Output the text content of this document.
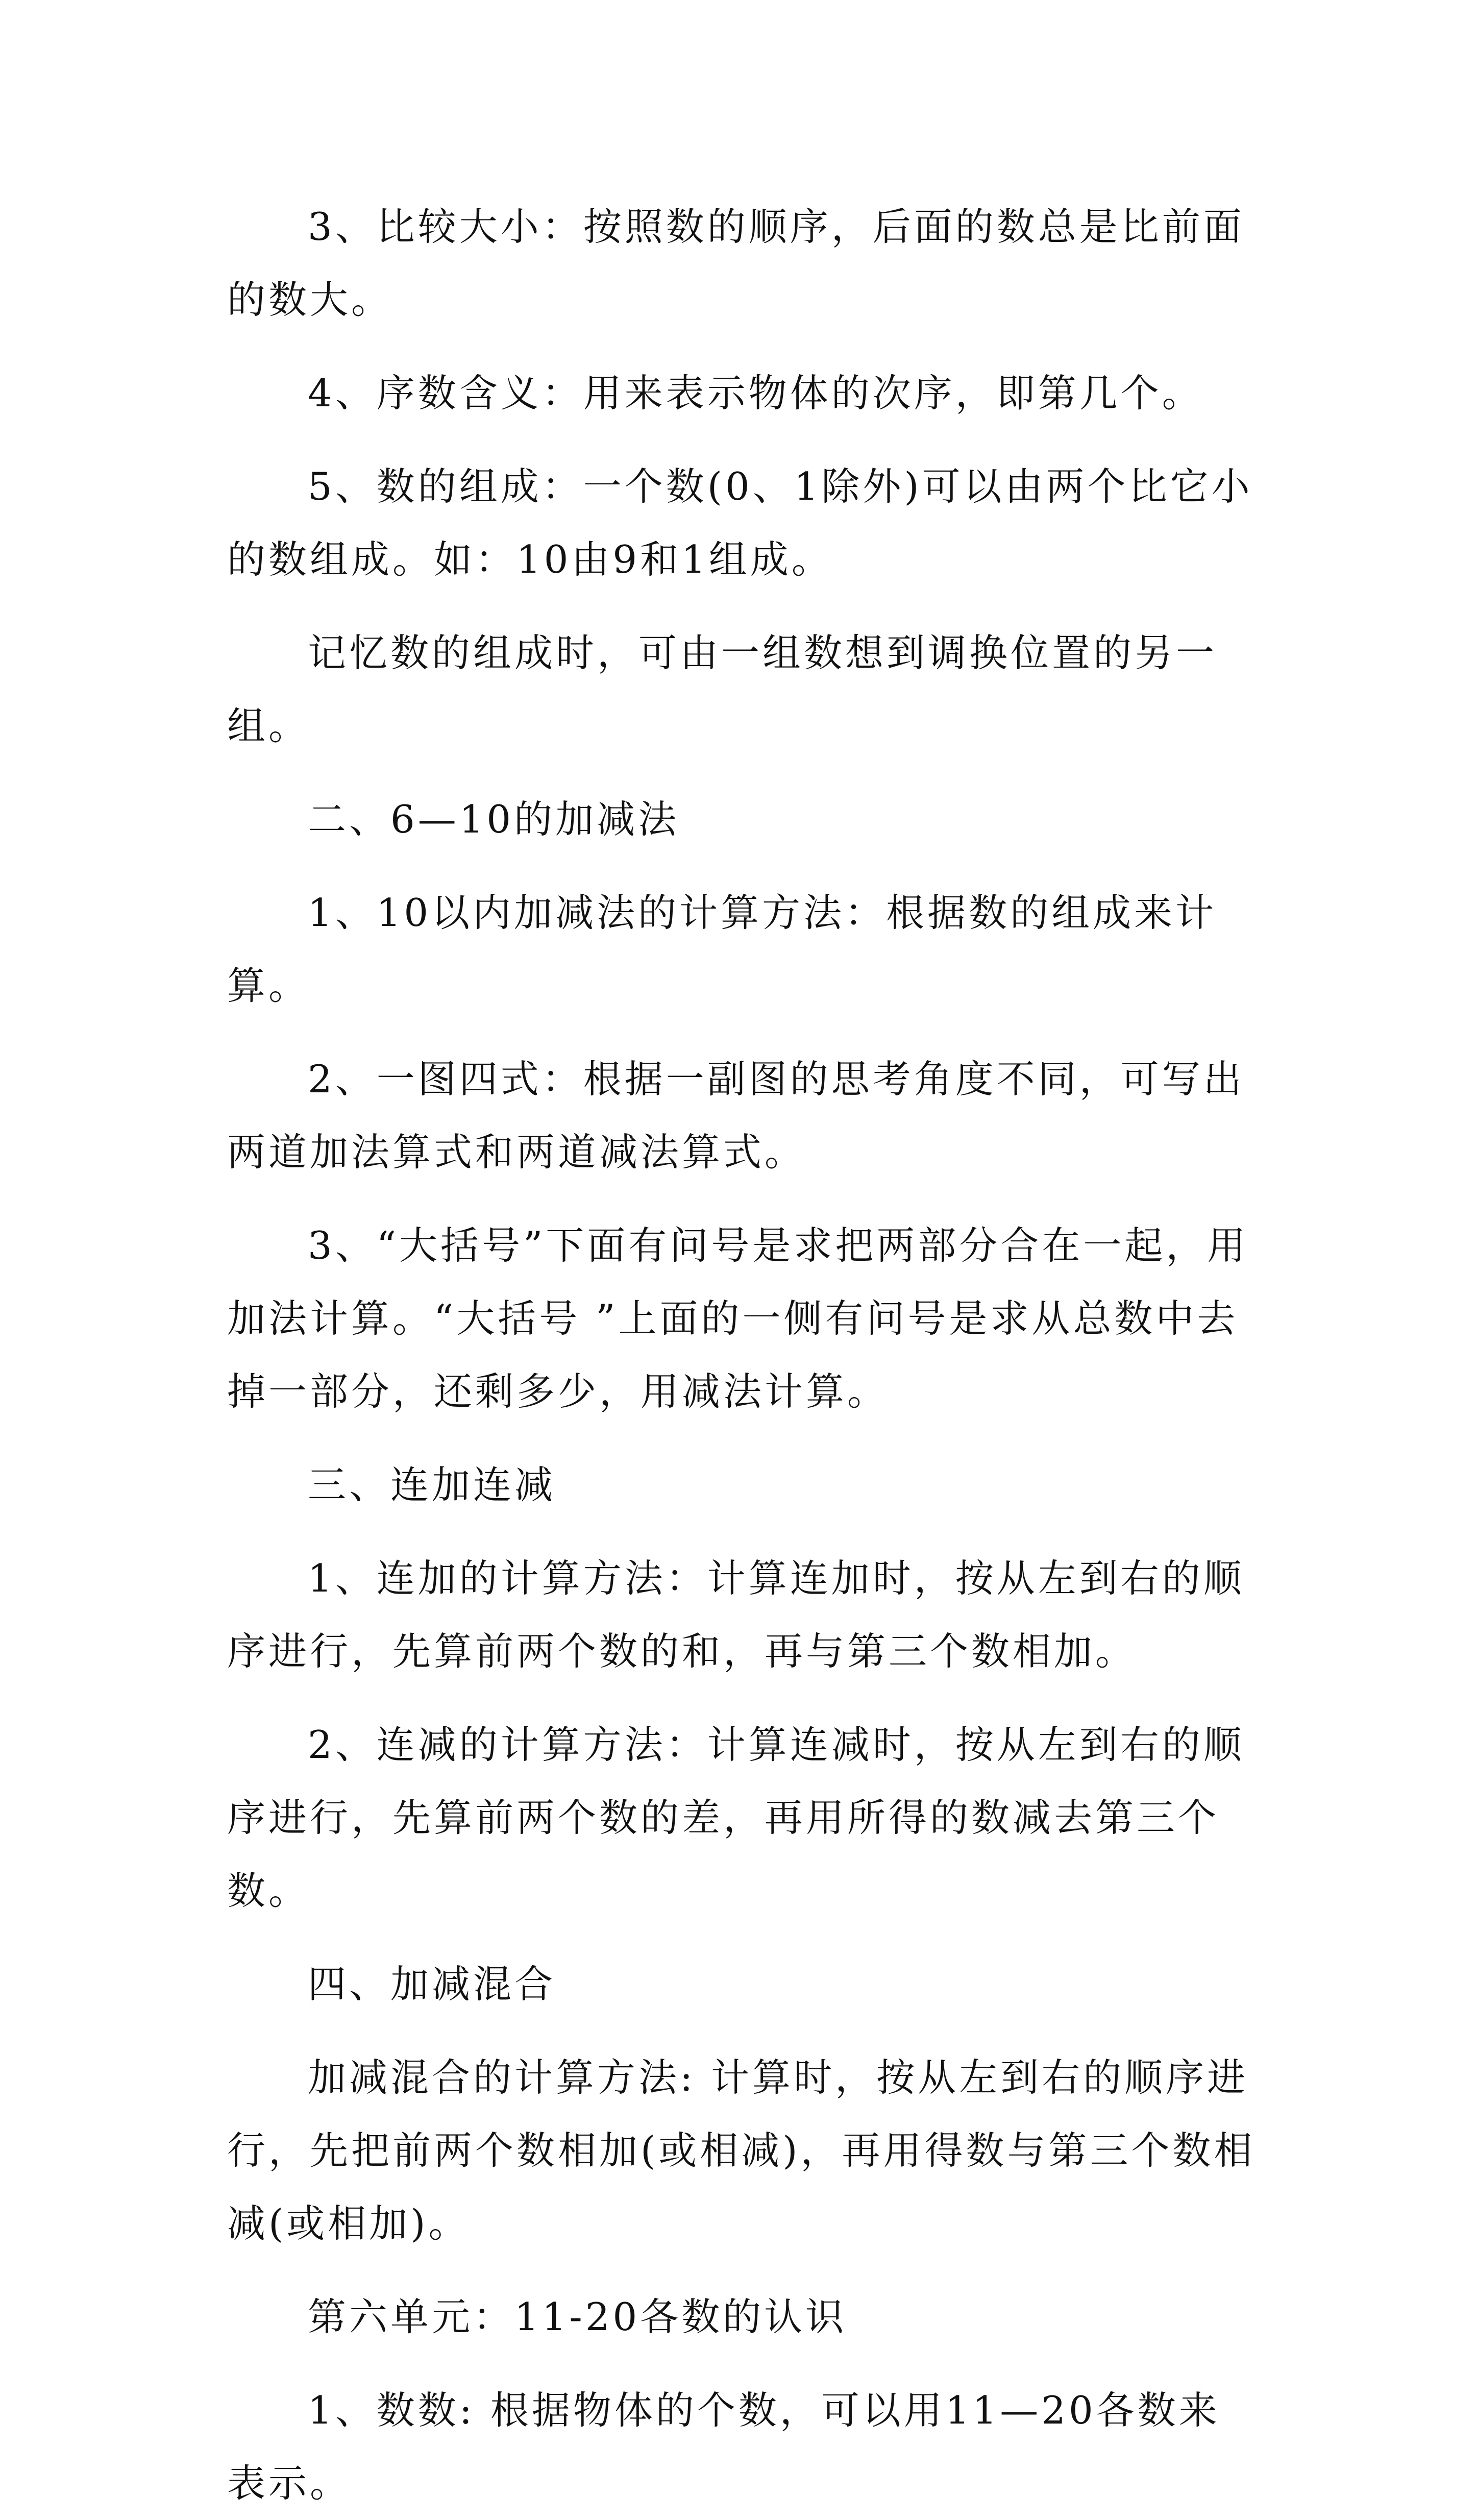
3、比较大小：按照数的顺序，后面的数总是比前面的数大。

4、序数含义：用来表示物体的次序，即第几个。

5、数的组成：一个数(0、1除外)可以由两个比它小的数组成。如：10由9和1组成。

记忆数的组成时，可由一组数想到调换位置的另一组。

二、6—10的加减法

1、10以内加减法的计算方法：根据数的组成来计算。

2、一图四式：根据一副图的思考角度不同，可写出两道加法算式和两道减法算式。

3、“大括号”下面有问号是求把两部分合在一起，用加法计算。“大括号 ”上面的一侧有问号是求从总数中去掉一部分，还剩多少，用减法计算。

三、连加连减

1、连加的计算方法：计算连加时，按从左到右的顺序进行，先算前两个数的和，再与第三个数相加。

2、连减的计算方法：计算连减时，按从左到右的顺序进行，先算前两个数的差，再用所得的数减去第三个数。

四、加减混合

加减混合的计算方法: 计算时，按从左到右的顺序进行，先把前两个数相加(或相减)，再用得数与第三个数相减(或相加)。

第六单元：11-20各数的认识

1、数数: 根据物体的个数，可以用11—20各数来表示。
